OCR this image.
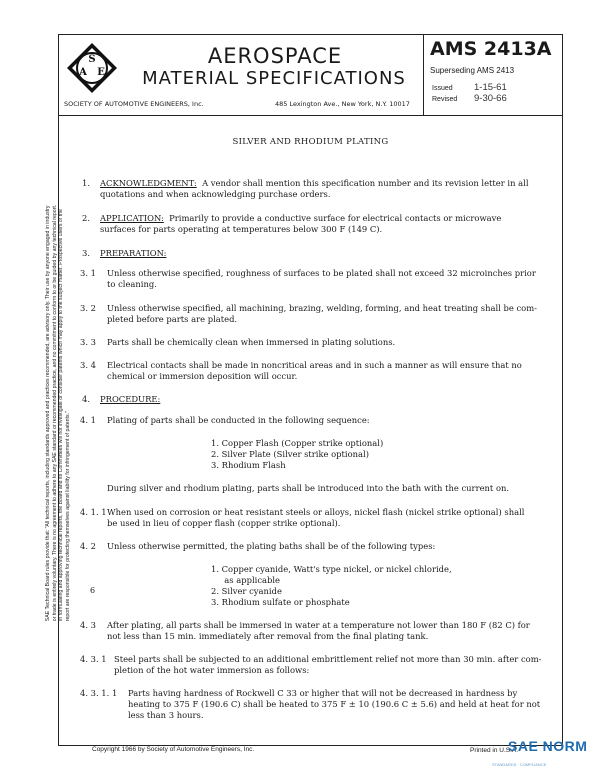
S
A E
AEROSPACE
MATERIAL SPECIFICATIONS
SOCIETY OF AUTOMOTIVE ENGINEERS, Inc.	485 Lexington Ave., New York, N.Y. 10017
AMS 2413A
Superseding AMS 2413
Issued 1-15-61
Revised 9-30-66
SILVER AND RHODIUM PLATING
SAE Technical Board rules provide that: "All technical reports, including standards approved and practices recommended, are advisory only. Their use by anyone engaged in industry or trade is entirely voluntary. There is no agreement to adhere to any SAE standard or recommended practice, and no commitment to conform to or be guided by any technical report. In formulating and approving technical reports, the Board and its Committees will not investigate or consider patents which may apply to the subject matter. Prospective users of the report are responsible for protecting themselves against liability for infringement of patents."
1. ACKNOWLEDGMENT: A vendor shall mention this specification number and its revision letter in all
quotations and when acknowledging purchase orders.
2. APPLICATION: Primarily to provide a conductive surface for electrical contacts or microwave
surfaces for parts operating at temperatures below 300 F (149 C).
3. PREPARATION:
3. 1 Unless otherwise specified, roughness of surfaces to be plated shall not exceed 32 microinches prior
to cleaning.
3. 2 Unless otherwise specified, all machining, brazing, welding, forming, and heat treating shall be com-
pleted before parts are plated.
3. 3 Parts shall be chemically clean when immersed in plating solutions.
3. 4 Electrical contacts shall be made in noncritical areas and in such a manner as will ensure that no
chemical or immersion deposition will occur.
4. PROCEDURE:
4. 1 Plating of parts shall be conducted in the following sequence:
1. Copper Flash (Copper strike optional)
2. Silver Plate (Silver strike optional)
3. Rhodium Flash
During silver and rhodium plating, parts shall be introduced into the bath with the current on.
4. 1. 1 When used on corrosion or heat resistant steels or alloys, nickel flash (nickel strike optional) shall
be used in lieu of copper flash (copper strike optional).
4. 2 Unless otherwise permitted, the plating baths shall be of the following types:
1. Copper cyanide, Watt's type nickel, or nickel chloride,
as applicable
2. Silver cyanide
3. Rhodium sulfate or phosphate
6
4. 3 After plating, all parts shall be immersed in water at a temperature not lower than 180 F (82 C) for
not less than 15 min. immediately after removal from the final plating tank.
4. 3. 1 Steel parts shall be subjected to an additional embrittlement relief not more than 30 min. after com-
pletion of the hot water immersion as follows:
4. 3. 1. 1 Parts having hardness of Rockwell C 33 or higher that will not be decreased in hardness by
heating to 375 F (190.6 C) shall be heated to 375 F ± 10 (190.6 C ± 5.6) and held at heat for not
less than 3 hours.
Copyright 1966 by Society of Automotive Engineers, Inc.	Printed in U.S.A.
SAE NORM
STANDARDS · COMPLIANCE
